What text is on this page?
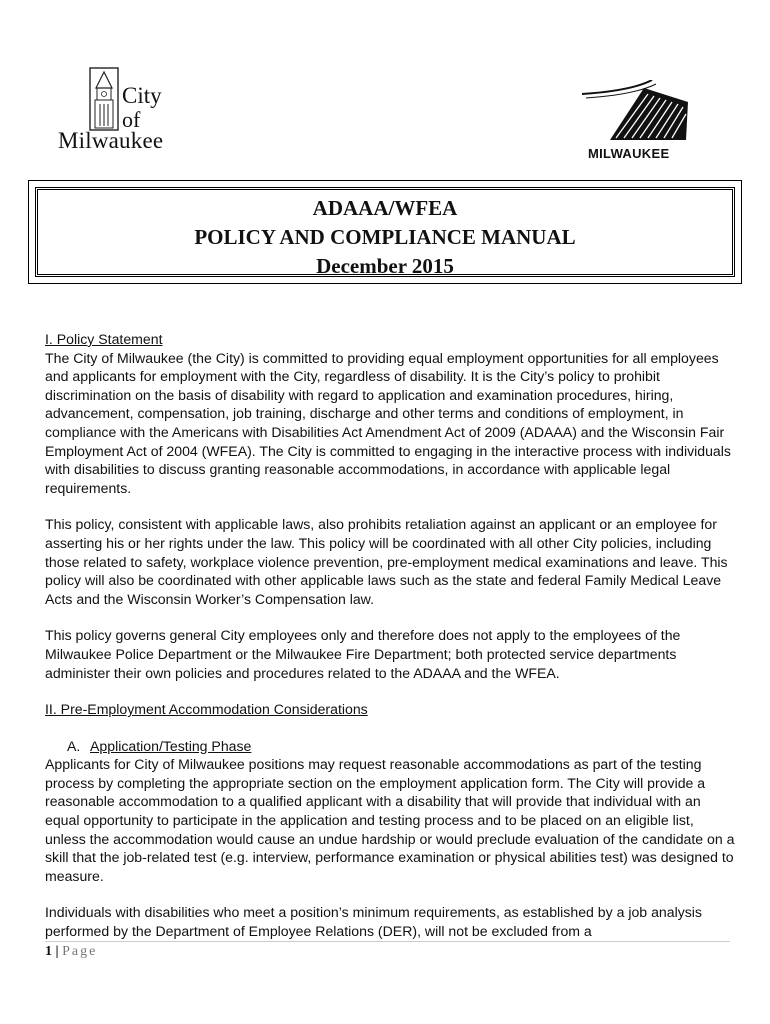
City
of
Milwaukee
MILWAUKEE
ADAAA/WFEA
POLICY AND COMPLIANCE MANUAL
December 2015
I. Policy Statement

The City of Milwaukee (the City) is committed to providing equal employment opportunities for all employees and applicants for employment with the City, regardless of disability. It is the City’s policy to prohibit discrimination on the basis of disability with regard to application and examination procedures, hiring, advancement, compensation, job training, discharge and other terms and conditions of employment, in compliance with the Americans with Disabilities Act Amendment Act of 2009 (ADAAA) and the Wisconsin Fair Employment Act of 2004 (WFEA). The City is committed to engaging in the interactive process with individuals with disabilities to discuss granting reasonable accommodations, in accordance with applicable legal requirements.

This policy, consistent with applicable laws, also prohibits retaliation against an applicant or an employee for asserting his or her rights under the law. This policy will be coordinated with all other City policies, including those related to safety, workplace violence prevention, pre-employment medical examinations and leave. This policy will also be coordinated with other applicable laws such as the state and federal Family Medical Leave Acts and the Wisconsin Worker’s Compensation law.

This policy governs general City employees only and therefore does not apply to the employees of the Milwaukee Police Department or the Milwaukee Fire Department; both protected service departments administer their own policies and procedures related to the ADAAA and the WFEA.

II. Pre-Employment Accommodation Considerations
A. Application/Testing Phase

Applicants for City of Milwaukee positions may request reasonable accommodations as part of the testing process by completing the appropriate section on the employment application form. The City will provide a reasonable accommodation to a qualified applicant with a disability that will provide that individual with an equal opportunity to participate in the application and testing process and to be placed on an eligible list, unless the accommodation would cause an undue hardship or would preclude evaluation of the candidate on a skill that the job-related test (e.g. interview, performance examination or physical abilities test) was designed to measure.

Individuals with disabilities who meet a position’s minimum requirements, as established by a job analysis performed by the Department of Employee Relations (DER), will not be excluded from a

1 | Page
